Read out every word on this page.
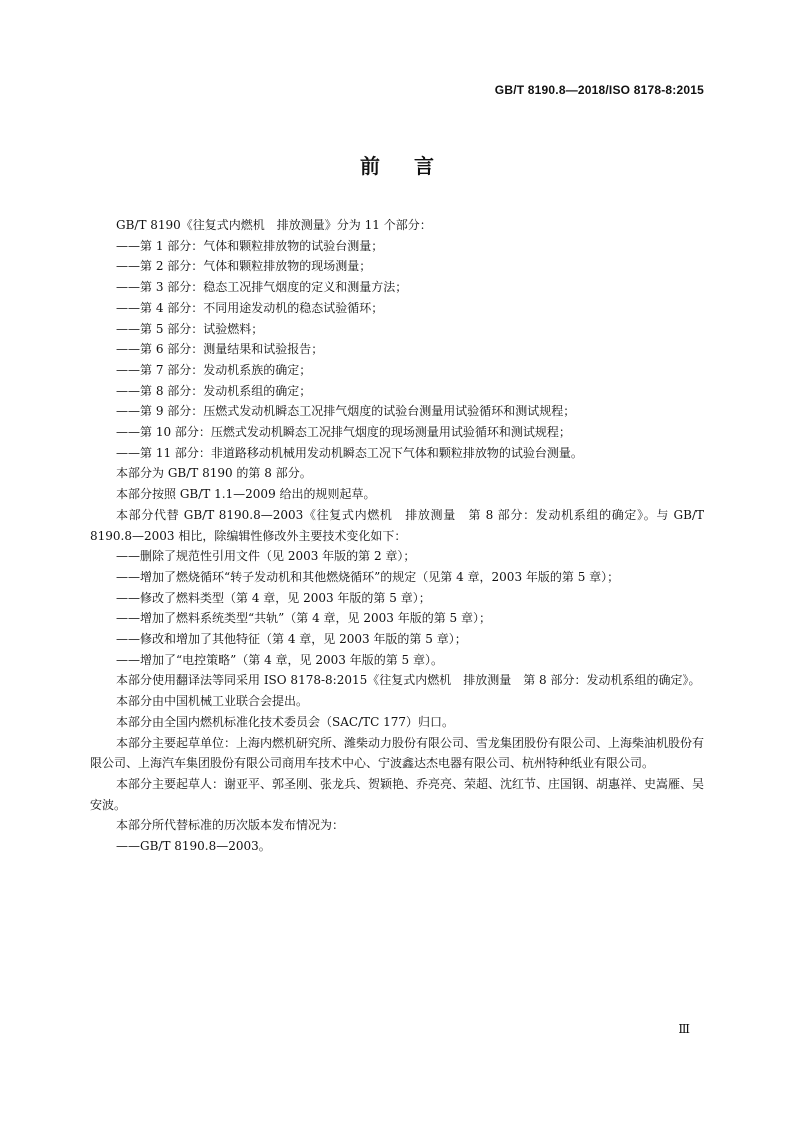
GB/T 8190.8—2018/ISO 8178-8:2015
前言

GB/T 8190《往复式内燃机　排放测量》分为 11 个部分：

——第 1 部分：气体和颗粒排放物的试验台测量；

——第 2 部分：气体和颗粒排放物的现场测量；

——第 3 部分：稳态工况排气烟度的定义和测量方法；

——第 4 部分：不同用途发动机的稳态试验循环；

——第 5 部分：试验燃料；

——第 6 部分：测量结果和试验报告；

——第 7 部分：发动机系族的确定；

——第 8 部分：发动机系组的确定；

——第 9 部分：压燃式发动机瞬态工况排气烟度的试验台测量用试验循环和测试规程；

——第 10 部分：压燃式发动机瞬态工况排气烟度的现场测量用试验循环和测试规程；

——第 11 部分：非道路移动机械用发动机瞬态工况下气体和颗粒排放物的试验台测量。

本部分为 GB/T 8190 的第 8 部分。

本部分按照 GB/T 1.1—2009 给出的规则起草。

本部分代替 GB/T 8190.8—2003《往复式内燃机　排放测量　第 8 部分：发动机系组的确定》。与 GB/T 8190.8—2003 相比，除编辑性修改外主要技术变化如下：

——删除了规范性引用文件（见 2003 年版的第 2 章）；

——增加了燃烧循环“转子发动机和其他燃烧循环”的规定（见第 4 章，2003 年版的第 5 章）；

——修改了燃料类型（第 4 章，见 2003 年版的第 5 章）；

——增加了燃料系统类型“共轨”（第 4 章，见 2003 年版的第 5 章）；

——修改和增加了其他特征（第 4 章，见 2003 年版的第 5 章）；

——增加了“电控策略”（第 4 章，见 2003 年版的第 5 章）。

本部分使用翻译法等同采用 ISO 8178-8:2015《往复式内燃机　排放测量　第 8 部分：发动机系组的确定》。

本部分由中国机械工业联合会提出。

本部分由全国内燃机标准化技术委员会（SAC/TC 177）归口。

本部分主要起草单位：上海内燃机研究所、潍柴动力股份有限公司、雪龙集团股份有限公司、上海柴油机股份有限公司、上海汽车集团股份有限公司商用车技术中心、宁波鑫达杰电器有限公司、杭州特种纸业有限公司。

本部分主要起草人：谢亚平、郭圣刚、张龙兵、贺颖艳、乔亮亮、荣超、沈红节、庄国钢、胡惠祥、史嵩雁、吴安波。

本部分所代替标准的历次版本发布情况为：

——GB/T 8190.8—2003。

Ⅲ
